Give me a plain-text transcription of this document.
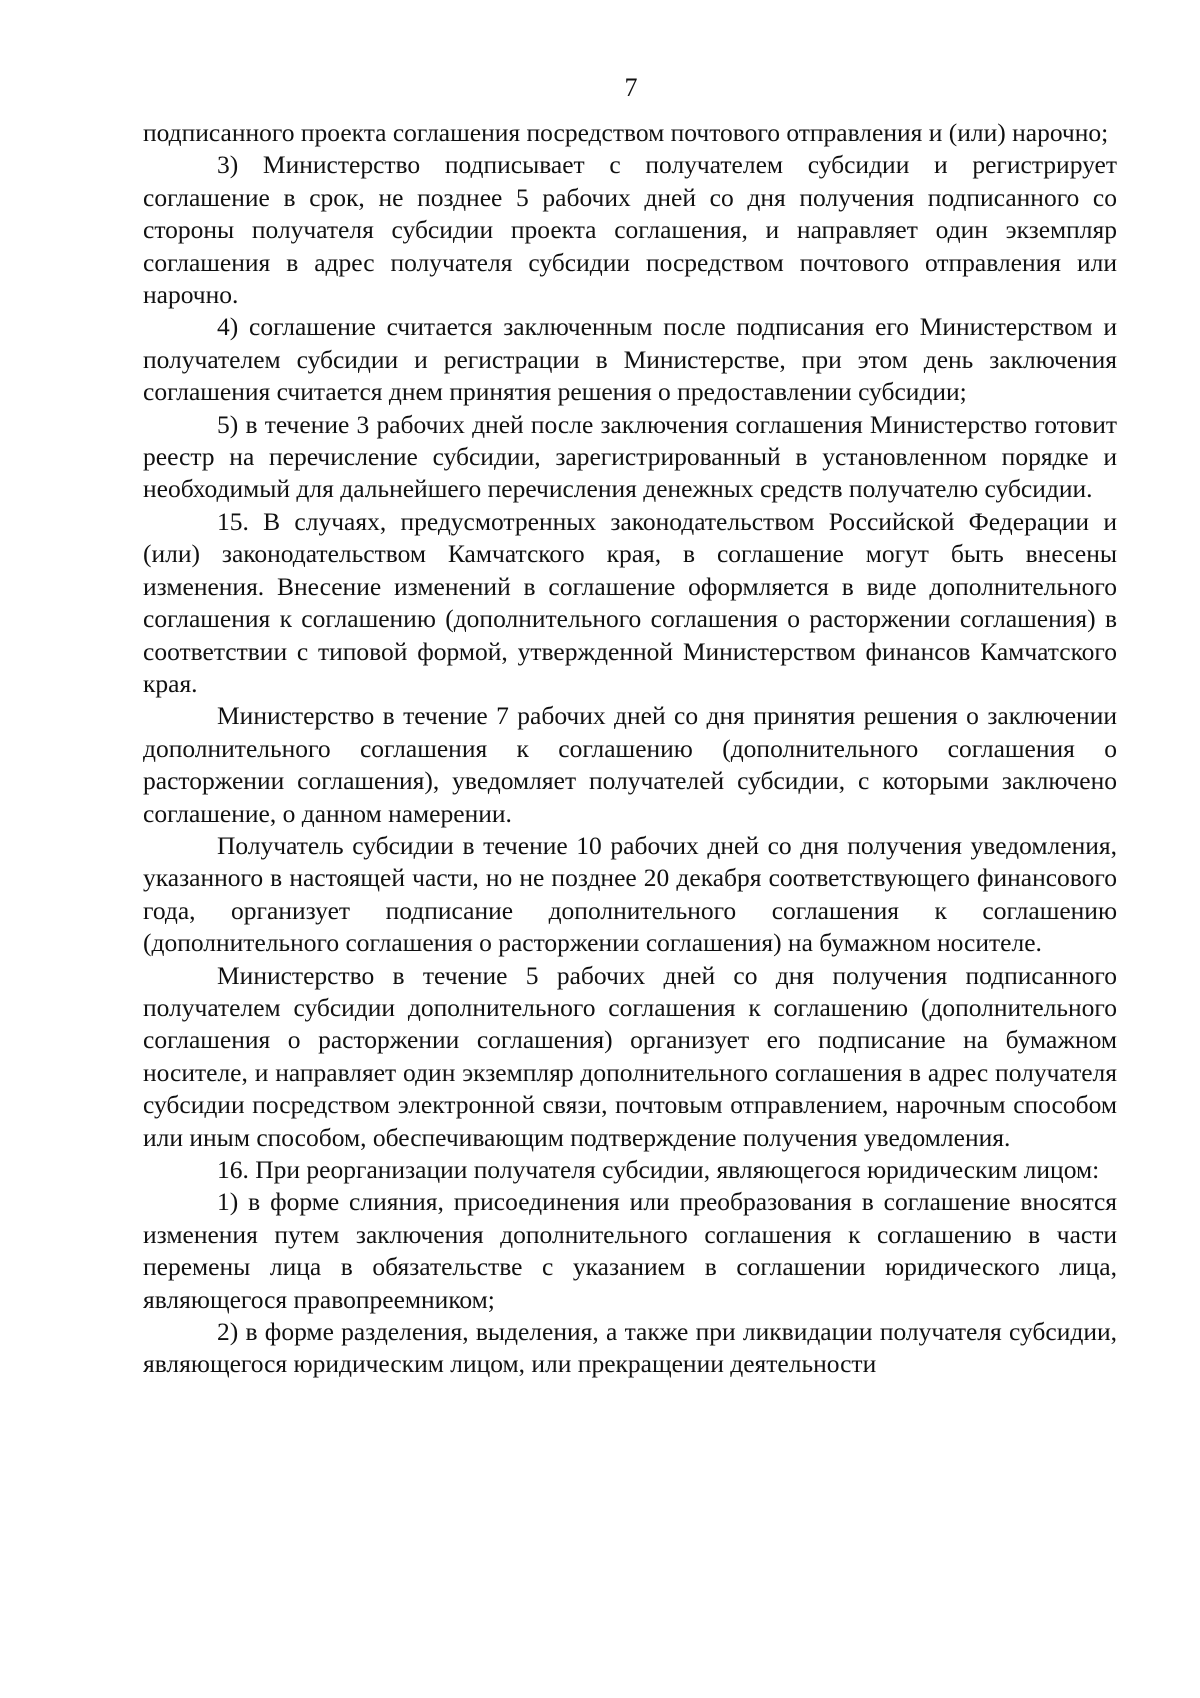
7

подписанного проекта соглашения посредством почтового отправления и (или) нарочно;

3) Министерство подписывает с получателем субсидии и регистрирует соглашение в срок, не позднее 5 рабочих дней со дня получения подписанного со стороны получателя субсидии проекта соглашения, и направляет один экземпляр соглашения в адрес получателя субсидии посредством почтового отправления или нарочно.

4) соглашение считается заключенным после подписания его Министерством и получателем субсидии и регистрации в Министерстве, при этом день заключения соглашения считается днем принятия решения о предоставлении субсидии;

5) в течение 3 рабочих дней после заключения соглашения Министерство готовит реестр на перечисление субсидии, зарегистрированный в установленном порядке и необходимый для дальнейшего перечисления денежных средств получателю субсидии.

15. В случаях, предусмотренных законодательством Российской Федерации и (или) законодательством Камчатского края, в соглашение могут быть внесены изменения. Внесение изменений в соглашение оформляется в виде дополнительного соглашения к соглашению (дополнительного соглашения о расторжении соглашения) в соответствии с типовой формой, утвержденной Министерством финансов Камчатского края.

Министерство в течение 7 рабочих дней со дня принятия решения о заключении дополнительного соглашения к соглашению (дополнительного соглашения о расторжении соглашения), уведомляет получателей субсидии, с которыми заключено соглашение, о данном намерении.

Получатель субсидии в течение 10 рабочих дней со дня получения уведомления, указанного в настоящей части, но не позднее 20 декабря соответствующего финансового года, организует подписание дополнительного соглашения к соглашению (дополнительного соглашения о расторжении соглашения) на бумажном носителе.

Министерство в течение 5 рабочих дней со дня получения подписанного получателем субсидии дополнительного соглашения к соглашению (дополнительного соглашения о расторжении соглашения) организует его подписание на бумажном носителе, и направляет один экземпляр дополнительного соглашения в адрес получателя субсидии посредством электронной связи, почтовым отправлением, нарочным способом или иным способом, обеспечивающим подтверждение получения уведомления.

16. При реорганизации получателя субсидии, являющегося юридическим лицом:

1) в форме слияния, присоединения или преобразования в соглашение вносятся изменения путем заключения дополнительного соглашения к соглашению в части перемены лица в обязательстве с указанием в соглашении юридического лица, являющегося правопреемником;

2) в форме разделения, выделения, а также при ликвидации получателя субсидии, являющегося юридическим лицом, или прекращении деятельности
